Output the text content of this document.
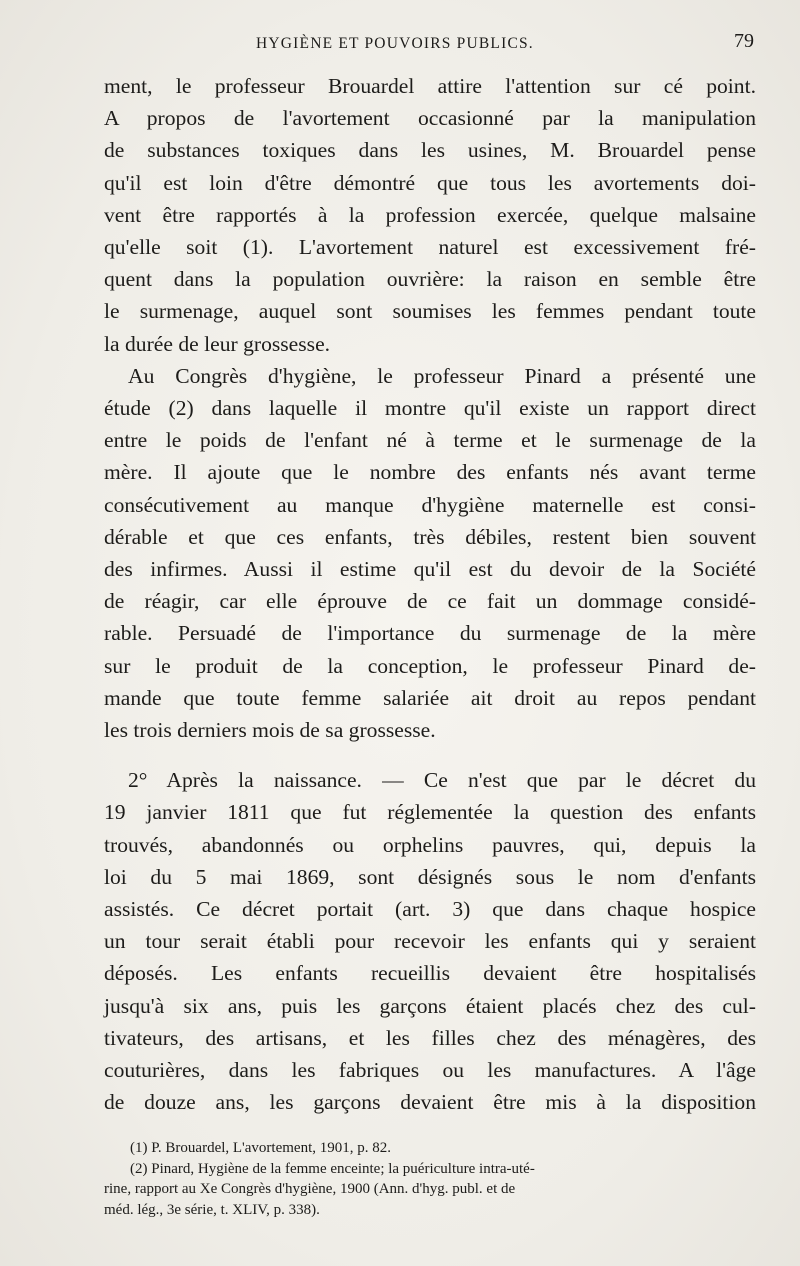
HYGIÈNE ET POUVOIRS PUBLICS.	79

ment, le professeur Brouardel attire l'attention sur cé point.
A propos de l'avortement occasionné par la manipulation
de substances toxiques dans les usines, M. Brouardel pense
qu'il est loin d'être démontré que tous les avortements doi-
vent être rapportés à la profession exercée, quelque malsaine
qu'elle soit (1). L'avortement naturel est excessivement fré-
quent dans la population ouvrière: la raison en semble être
le surmenage, auquel sont soumises les femmes pendant toute
la durée de leur grossesse.

Au Congrès d'hygiène, le professeur Pinard a présenté une
étude (2) dans laquelle il montre qu'il existe un rapport direct
entre le poids de l'enfant né à terme et le surmenage de la
mère. Il ajoute que le nombre des enfants nés avant terme
consécutivement au manque d'hygiène maternelle est consi-
dérable et que ces enfants, très débiles, restent bien souvent
des infirmes. Aussi il estime qu'il est du devoir de la Société
de réagir, car elle éprouve de ce fait un dommage considé-
rable. Persuadé de l'importance du surmenage de la mère
sur le produit de la conception, le professeur Pinard de-
mande que toute femme salariée ait droit au repos pendant
les trois derniers mois de sa grossesse.

2° Après la naissance. — Ce n'est que par le décret du
19 janvier 1811 que fut réglementée la question des enfants
trouvés, abandonnés ou orphelins pauvres, qui, depuis la
loi du 5 mai 1869, sont désignés sous le nom d'enfants
assistés. Ce décret portait (art. 3) que dans chaque hospice
un tour serait établi pour recevoir les enfants qui y seraient
déposés. Les enfants recueillis devaient être hospitalisés
jusqu'à six ans, puis les garçons étaient placés chez des cul-
tivateurs, des artisans, et les filles chez des ménagères, des
couturières, dans les fabriques ou les manufactures. A l'âge
de douze ans, les garçons devaient être mis à la disposition

(1) P. Brouardel, L'avortement, 1901, p. 82.
(2) Pinard, Hygiène de la femme enceinte; la puériculture intra-uté-
rine, rapport au Xe Congrès d'hygiène, 1900 (Ann. d'hyg. publ. et de
méd. lég., 3e série, t. XLIV, p. 338).
